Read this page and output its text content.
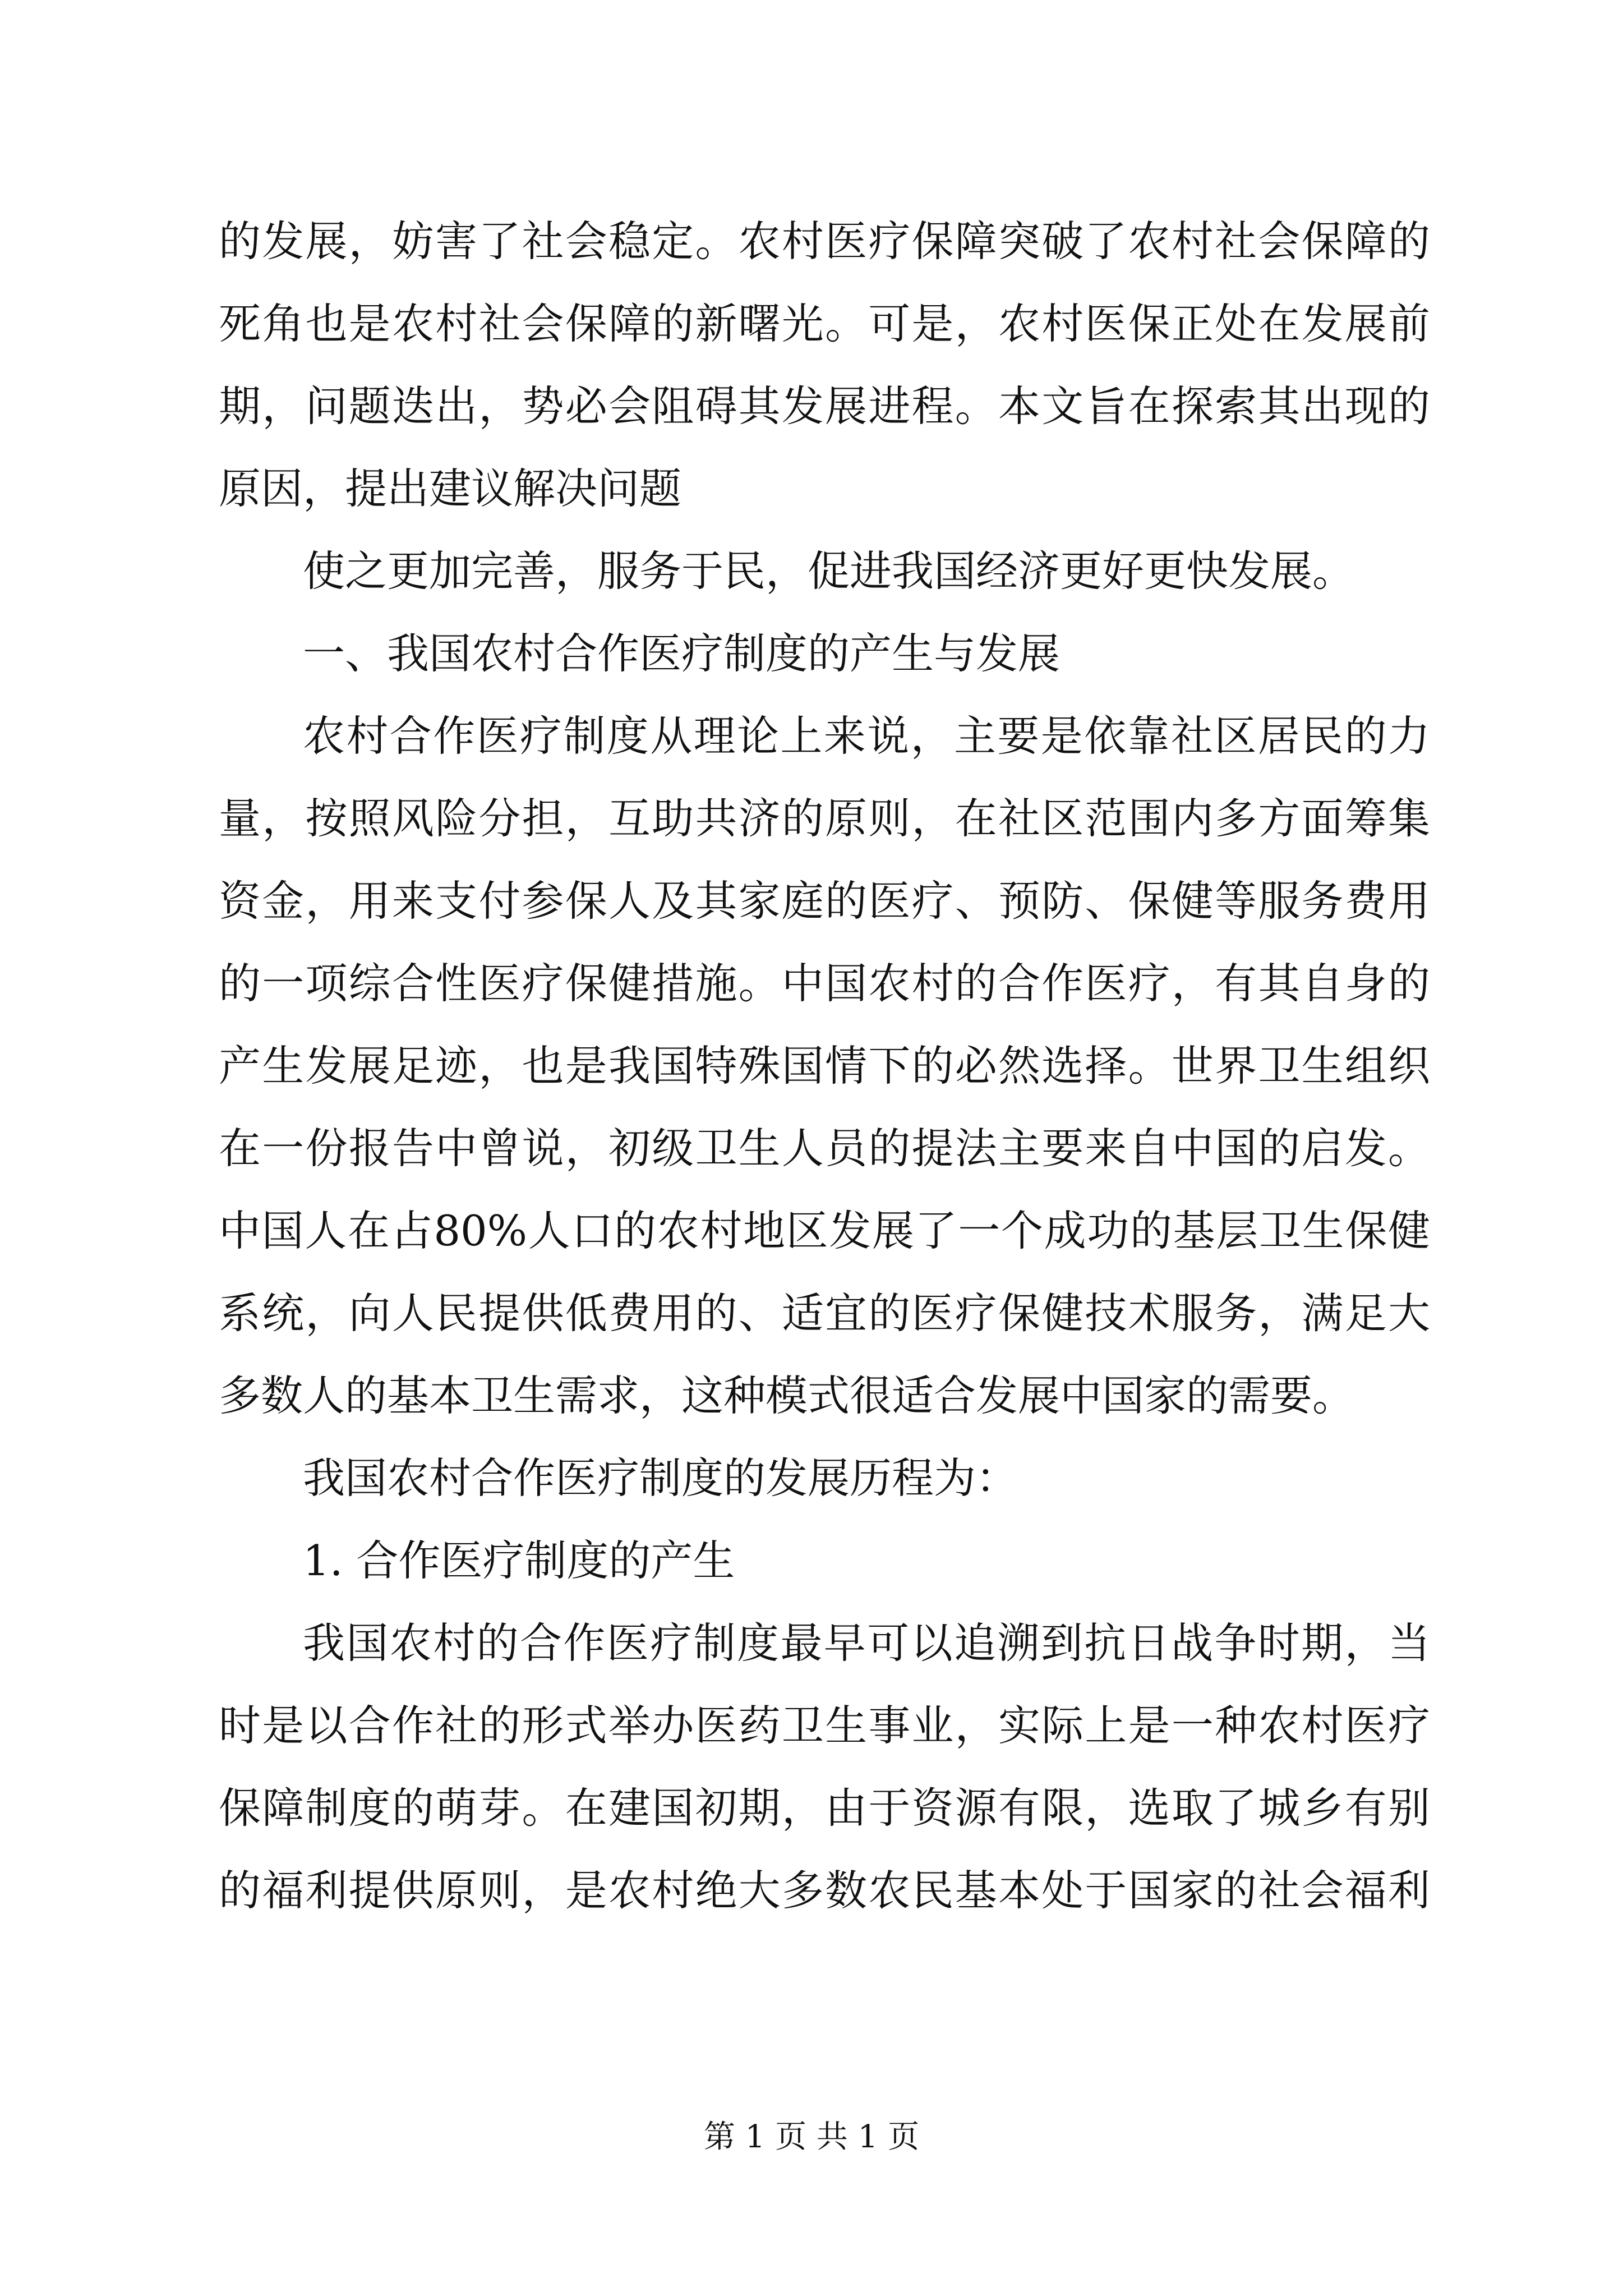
的发展，妨害了社会稳定。农村医疗保障突破了农村社会保障的
死角也是农村社会保障的新曙光。可是，农村医保正处在发展前
期，问题迭出，势必会阻碍其发展进程。本文旨在探索其出现的
原因，提出建议解决问题
使之更加完善，服务于民，促进我国经济更好更快发展。
一、我国农村合作医疗制度的产生与发展
农村合作医疗制度从理论上来说，主要是依靠社区居民的力
量，按照风险分担，互助共济的原则，在社区范围内多方面筹集
资金，用来支付参保人及其家庭的医疗、预防、保健等服务费用
的一项综合性医疗保健措施。中国农村的合作医疗，有其自身的
产生发展足迹，也是我国特殊国情下的必然选择。世界卫生组织
在一份报告中曾说，初级卫生人员的提法主要来自中国的启发。
中国人在占80%人口的农村地区发展了一个成功的基层卫生保健
系统，向人民提供低费用的、适宜的医疗保健技术服务，满足大
多数人的基本卫生需求，这种模式很适合发展中国家的需要。
我国农村合作医疗制度的发展历程为：
1. 合作医疗制度的产生
我国农村的合作医疗制度最早可以追溯到抗日战争时期，当
时是以合作社的形式举办医药卫生事业，实际上是一种农村医疗
保障制度的萌芽。在建国初期，由于资源有限，选取了城乡有别
的福利提供原则，是农村绝大多数农民基本处于国家的社会福利
第 1 页 共 1 页
